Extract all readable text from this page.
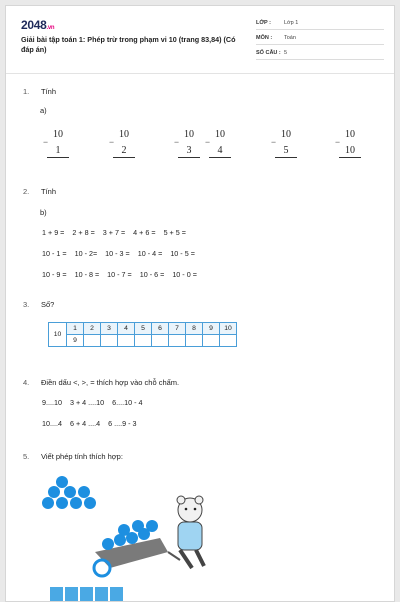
2048.vn
Giải bài tập toán 1: Phép trừ trong phạm vi 10 (trang 83,84) (Có đáp án)
LỚP : Lớp 1
MÔN : Toán
SỐ CÂU : 5
1.	Tính
a)
10
−
1
10
−
2
10
−
3
10
−
4
10
−
5
10
−
10
2.	Tính
b)
1 + 9 = 2 + 8 = 3 + 7 = 4 + 6 = 5 + 5 =
10 - 1 = 10 - 2= 10 - 3 = 10 - 4 = 10 - 5 =
10 - 9 = 10 - 8 = 10 - 7 = 10 - 6 = 10 - 0 =
3.	Số?
10	1	2	3	4	5	6	7	8	9	10
	9									
4.	Điền dấu <, >, = thích hợp vào chỗ chấm.
9....10 3 + 4 ....10 6....10 - 4
10....4 6 + 4 ....4 6 ....9 - 3
5.	Viết phép tính thích hợp:
